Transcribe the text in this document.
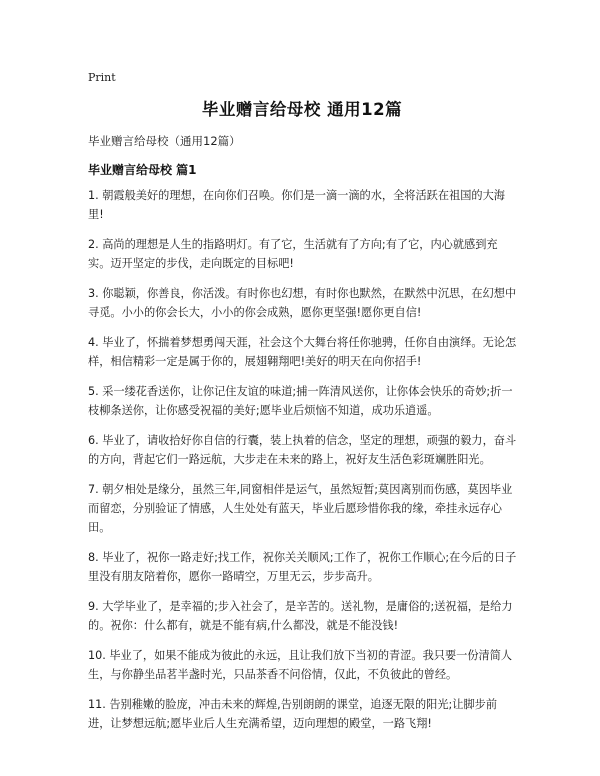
Print
毕业赠言给母校 通用12篇
毕业赠言给母校（通用12篇）
毕业赠言给母校 篇1

1. 朝霞般美好的理想，在向你们召唤。你们是一滴一滴的水，全将活跃在祖国的大海里!

2. 高尚的理想是人生的指路明灯。有了它，生活就有了方向;有了它，内心就感到充实。迈开坚定的步伐，走向既定的目标吧!

3. 你聪颖，你善良，你活泼。有时你也幻想，有时你也默然，在默然中沉思，在幻想中寻觅。小小的你会长大，小小的你会成熟，愿你更坚强!愿你更自信!

4. 毕业了，怀揣着梦想勇闯天涯，社会这个大舞台将任你驰骋，任你自由演绎。无论怎样，相信精彩一定是属于你的，展翅翱翔吧!美好的明天在向你招手!

5. 采一缕花香送你，让你记住友谊的味道;捕一阵清风送你，让你体会快乐的奇妙;折一枝柳条送你，让你感受祝福的美好;愿毕业后烦恼不知道，成功乐逍遥。

6. 毕业了，请收拾好你自信的行囊，装上执着的信念，坚定的理想，顽强的毅力，奋斗的方向，背起它们一路远航，大步走在未来的路上，祝好友生活色彩斑斓胜阳光。

7. 朝夕相处是缘分，虽然三年,同窗相伴是运气，虽然短暂;莫因离别而伤感，莫因毕业而留恋，分别验证了情感，人生处处有蓝天，毕业后愿珍惜你我的缘，牵挂永远存心田。

8. 毕业了，祝你一路走好;找工作，祝你关关顺风;工作了，祝你工作顺心;在今后的日子里没有朋友陪着你，愿你一路晴空，万里无云，步步高升。

9. 大学毕业了，是幸福的;步入社会了，是辛苦的。送礼物，是庸俗的;送祝福，是给力的。祝你：什么都有，就是不能有病,什么都没，就是不能没钱!

10. 毕业了，如果不能成为彼此的永远，且让我们放下当初的青涩。我只要一份清简人生，与你静坐品茗半盏时光，只品茶香不问俗情，仅此，不负彼此的曾经。

11. 告别稚嫩的脸庞，冲击未来的辉煌,告别朗朗的课堂，追逐无限的阳光;让脚步前进，让梦想远航;愿毕业后人生充满希望，迈向理想的殿堂，一路飞翔!
